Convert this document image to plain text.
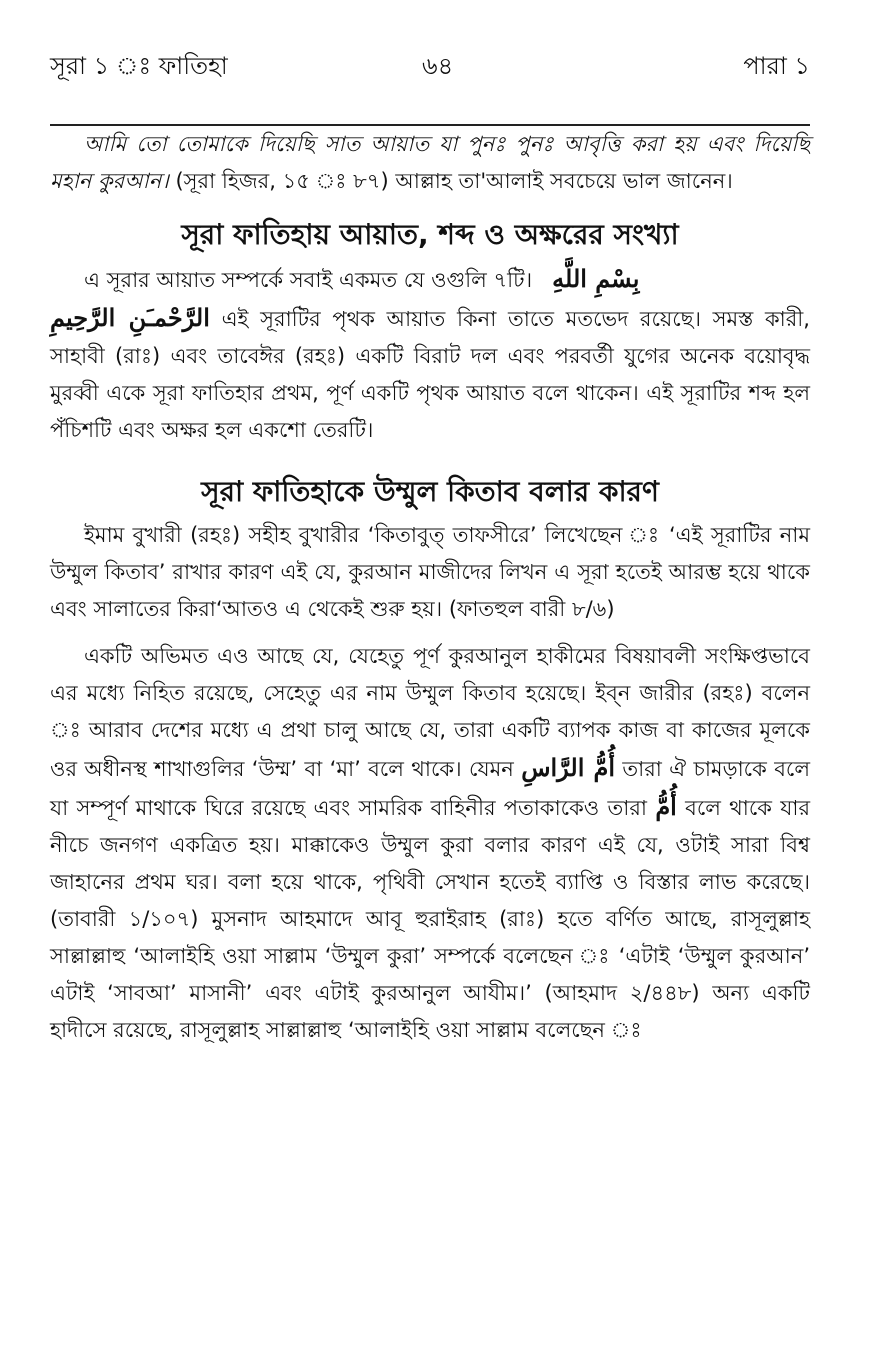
সূরা ১ ঃ ফাতিহা	৬৪	পারা ১

আমি তো তোমাকে দিয়েছি সাত আয়াত যা পুনঃ পুনঃ আবৃত্তি করা হয় এবং দিয়েছি মহান কুরআন। (সূরা হিজর, ১৫ ঃ ৮৭) আল্লাহ তা'আলাই সবচেয়ে ভাল জানেন।

সূরা ফাতিহায় আয়াত, শব্দ ও অক্ষরের সংখ্যা

এ সূরার আয়াত সম্পর্কে সবাই একমত যে ওগুলি ৭টি। بِسْمِ اللَّهِ
الرَّحْمـَنِ الرَّحِيمِ এই সূরাটির পৃথক আয়াত কিনা তাতে মতভেদ রয়েছে। সমস্ত কারী, সাহাবী (রাঃ) এবং তাবেঈর (রহঃ) একটি বিরাট দল এবং পরবর্তী যুগের অনেক বয়োবৃদ্ধ মুরব্বী একে সূরা ফাতিহার প্রথম, পূর্ণ একটি পৃথক আয়াত বলে থাকেন। এই সূরাটির শব্দ হল পঁচিশটি এবং অক্ষর হল একশো তেরটি।

সূরা ফাতিহাকে উম্মুল কিতাব বলার কারণ

ইমাম বুখারী (রহঃ) সহীহ বুখারীর ‘কিতাবুত্ তাফসীরে’ লিখেছেন ঃ ‘এই সূরাটির নাম উম্মুল কিতাব’ রাখার কারণ এই যে, কুরআন মাজীদের লিখন এ সূরা হতেই আরম্ভ হয়ে থাকে এবং সালাতের কিরা‘আতও এ থেকেই শুরু হয়। (ফাতহুল বারী ৮/৬)

একটি অভিমত এও আছে যে, যেহেতু পূর্ণ কুরআনুল হাকীমের বিষয়াবলী সংক্ষিপ্তভাবে এর মধ্যে নিহিত রয়েছে, সেহেতু এর নাম উম্মুল কিতাব হয়েছে। ইব্‌ন জারীর (রহঃ) বলেন ঃ আরাব দেশের মধ্যে এ প্রথা চালু আছে যে, তারা একটি ব্যাপক কাজ বা কাজের মূলকে ওর অধীনস্থ শাখাগুলির ‘উম্ম’ বা ‘মা’ বলে থাকে। যেমন أُمُّ الرَّاسِ তারা ঐ চামড়াকে বলে যা সম্পূর্ণ মাথাকে ঘিরে রয়েছে এবং সামরিক বাহিনীর পতাকাকেও তারা أُمُّ বলে থাকে যার নীচে জনগণ একত্রিত হয়। মাক্কাকেও উম্মুল কুরা বলার কারণ এই যে, ওটাই সারা বিশ্ব জাহানের প্রথম ঘর। বলা হয়ে থাকে, পৃথিবী সেখান হতেই ব্যাপ্তি ও বিস্তার লাভ করেছে। (তাবারী ১/১০৭) মুসনাদ আহমাদে আবূ হুরাইরাহ (রাঃ) হতে বর্ণিত আছে, রাসূলুল্লাহ সাল্লাল্লাহু ‘আলাইহি ওয়া সাল্লাম ‘উম্মুল কুরা’ সম্পর্কে বলেছেন ঃ ‘এটাই ‘উম্মুল কুরআন’ এটাই ‘সাবআ’ মাসানী’ এবং এটাই কুরআনুল আযীম।’ (আহমাদ ২/৪৪৮) অন্য একটি হাদীসে রয়েছে, রাসূলুল্লাহ সাল্লাল্লাহু ‘আলাইহি ওয়া সাল্লাম বলেছেন ঃ
